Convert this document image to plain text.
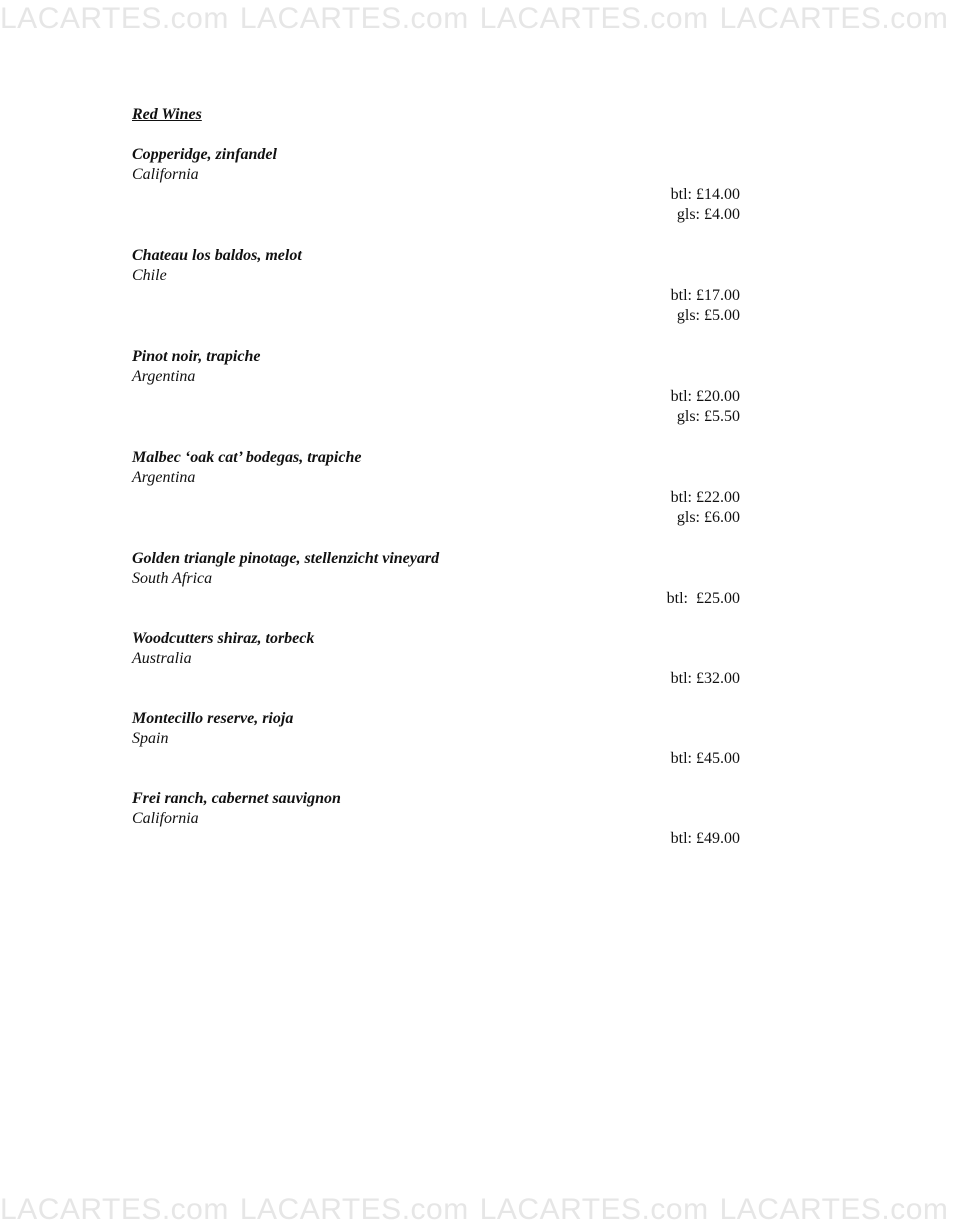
LACARTES.com LACARTES.com LACARTES.com LACARTES.com
Red Wines
Copperidge, zinfandel
California
btl: £14.00
gls: £4.00
Chateau los baldos, melot
Chile
btl: £17.00
gls: £5.00
Pinot noir, trapiche
Argentina
btl: £20.00
gls: £5.50
Malbec ‘oak cat’ bodegas, trapiche
Argentina
btl: £22.00
gls: £6.00
Golden triangle pinotage, stellenzicht vineyard
South Africa
btl:  £25.00
Woodcutters shiraz, torbeck
Australia
btl: £32.00
Montecillo reserve, rioja
Spain
btl: £45.00
Frei ranch, cabernet sauvignon
California
btl: £49.00
LACARTES.com LACARTES.com LACARTES.com LACARTES.com
